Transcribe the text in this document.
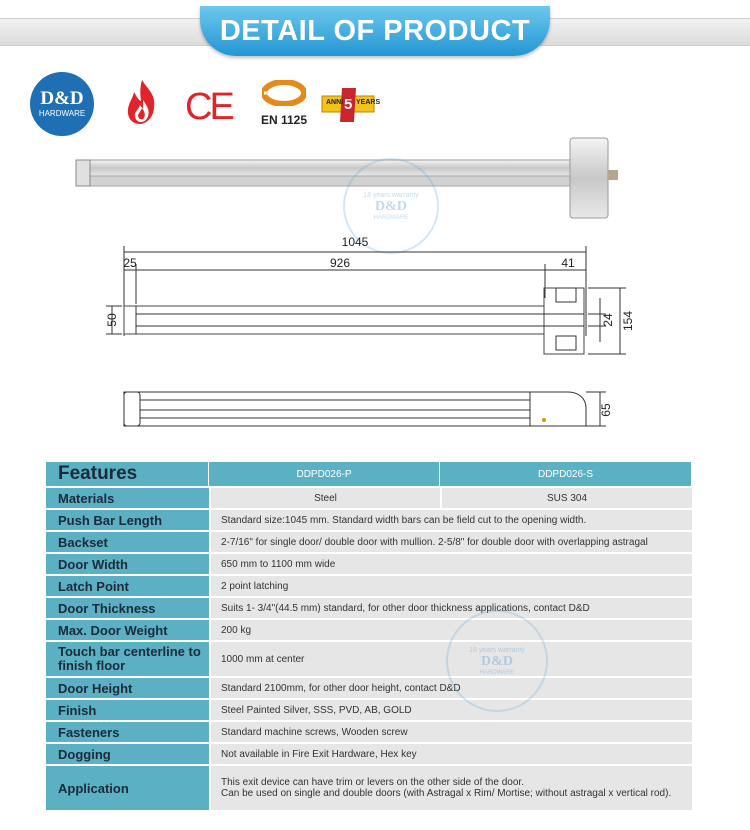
DETAIL OF PRODUCT
D&D
HARDWARE	CE	EN 1125
ANNI 5 YEARS
18 years warranty
D&D
HARDWARE
1045
25	926	41
50	24 154
65
Features	DDPD026-P	DDPD026-S
Materials	Steel	SUS 304
Push Bar Length	Standard size:1045 mm. Standard width bars can be field cut to the opening width.	
Backset	2-7/16" for single door/ double door with mullion. 2-5/8" for double door with overlapping astragal	
Door Width	650 mm to 1100 mm wide	
Latch Point	2 point latching	
Door Thickness	Suits 1- 3/4"(44.5 mm) standard, for other door thickness applications, contact D&D	
Max. Door Weight	200 kg	
Touch bar centerline to finish floor	1000 mm at center	
Door Height	Standard 2100mm, for other door height, contact D&D	
Finish	Steel Painted Silver, SSS, PVD, AB, GOLD	
Fasteners	Standard machine screws, Wooden screw	
Dogging	Not available in Fire Exit Hardware, Hex key	
Application	This exit device can have trim or levers on the other side of the door.
Can be used on single and double doors (with Astragal x Rim/ Mortise; without astragal x vertical rod).	
18 years warranty
D&D
HARDWARE
